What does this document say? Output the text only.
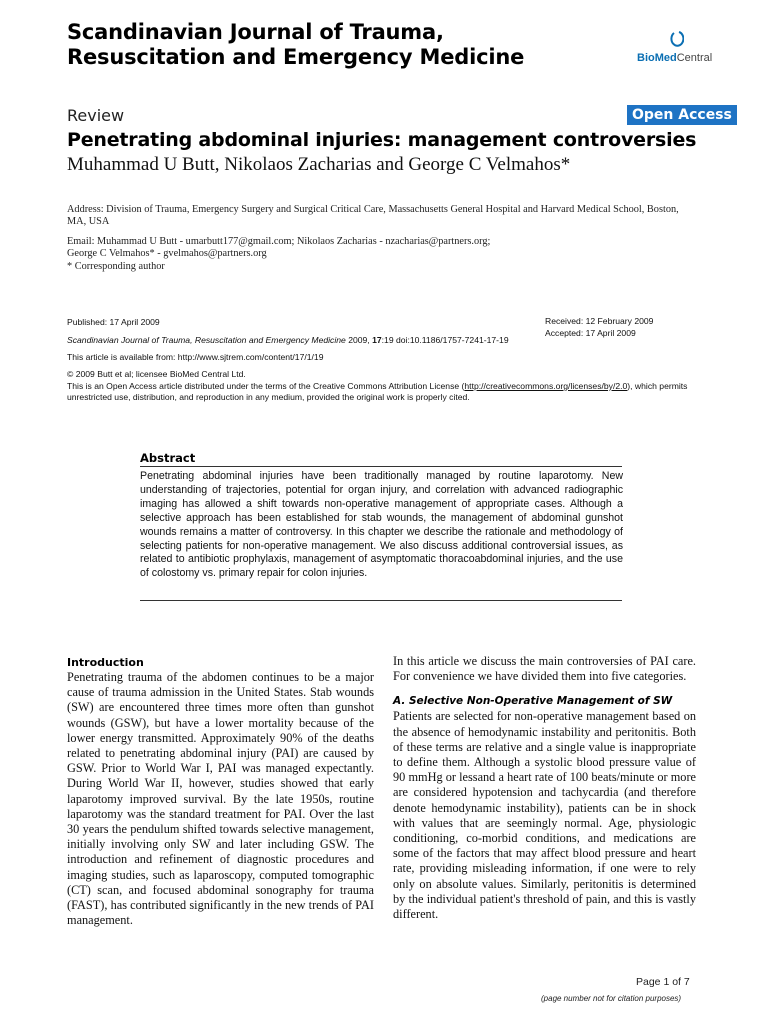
Scandinavian Journal of Trauma,
Resuscitation and Emergency Medicine	BioMedCentral
Review	Open Access
Penetrating abdominal injuries: management controversies
Muhammad U Butt, Nikolaos Zacharias and George C Velmahos*
Address: Division of Trauma, Emergency Surgery and Surgical Critical Care, Massachusetts General Hospital and Harvard Medical School, Boston, MA, USA
Email: Muhammad U Butt - umarbutt177@gmail.com; Nikolaos Zacharias - nzacharias@partners.org;
George C Velmahos* - gvelmahos@partners.org
* Corresponding author
Published: 17 April 2009
Scandinavian Journal of Trauma, Resuscitation and Emergency Medicine 2009, 17:19 doi:10.1186/1757-7241-17-19
This article is available from: http://www.sjtrem.com/content/17/1/19
© 2009 Butt et al; licensee BioMed Central Ltd.
This is an Open Access article distributed under the terms of the Creative Commons Attribution License (http://creativecommons.org/licenses/by/2.0), which permits unrestricted use, distribution, and reproduction in any medium, provided the original work is properly cited.
Received: 12 February 2009
Accepted: 17 April 2009
Abstract
Penetrating abdominal injuries have been traditionally managed by routine laparotomy. New understanding of trajectories, potential for organ injury, and correlation with advanced radiographic imaging has allowed a shift towards non-operative management of appropriate cases. Although a selective approach has been established for stab wounds, the management of abdominal gunshot wounds remains a matter of controversy. In this chapter we describe the rationale and methodology of selecting patients for non-operative management. We also discuss additional controversial issues, as related to antibiotic prophylaxis, management of asymptomatic thoracoabdominal injuries, and the use of colostomy vs. primary repair for colon injuries.
Introduction

Penetrating trauma of the abdomen continues to be a major cause of trauma admission in the United States. Stab wounds (SW) are encountered three times more often than gunshot wounds (GSW), but have a lower mortality because of the lower energy transmitted. Approximately 90% of the deaths related to penetrating abdominal injury (PAI) are caused by GSW. Prior to World War I, PAI was managed expectantly. During World War II, however, studies showed that early laparotomy improved survival. By the late 1950s, routine laparotomy was the standard treatment for PAI. Over the last 30 years the pendulum shifted towards selective management, initially involving only SW and later including GSW. The introduction and refinement of diagnostic procedures and imaging studies, such as laparoscopy, computed tomographic (CT) scan, and focused abdominal sonography for trauma (FAST), has contributed significantly in the new trends of PAI management.

In this article we discuss the main controversies of PAI care. For convenience we have divided them into five categories.

A. Selective Non-Operative Management of SW

Patients are selected for non-operative management based on the absence of hemodynamic instability and peritonitis. Both of these terms are relative and a single value is inappropriate to define them. Although a systolic blood pressure value of 90 mmHg or lessand a heart rate of 100 beats/minute or more are considered hypotension and tachycardia (and therefore denote hemodynamic instability), patients can be in shock with values that are seemingly normal. Age, physiologic conditioning, co-morbid conditions, and medications are some of the factors that may affect blood pressure and heart rate, providing misleading information, if one were to rely only on absolute values. Similarly, peritonitis is determined by the individual patient's threshold of pain, and this is vastly different.

Page 1 of 7
(page number not for citation purposes)
